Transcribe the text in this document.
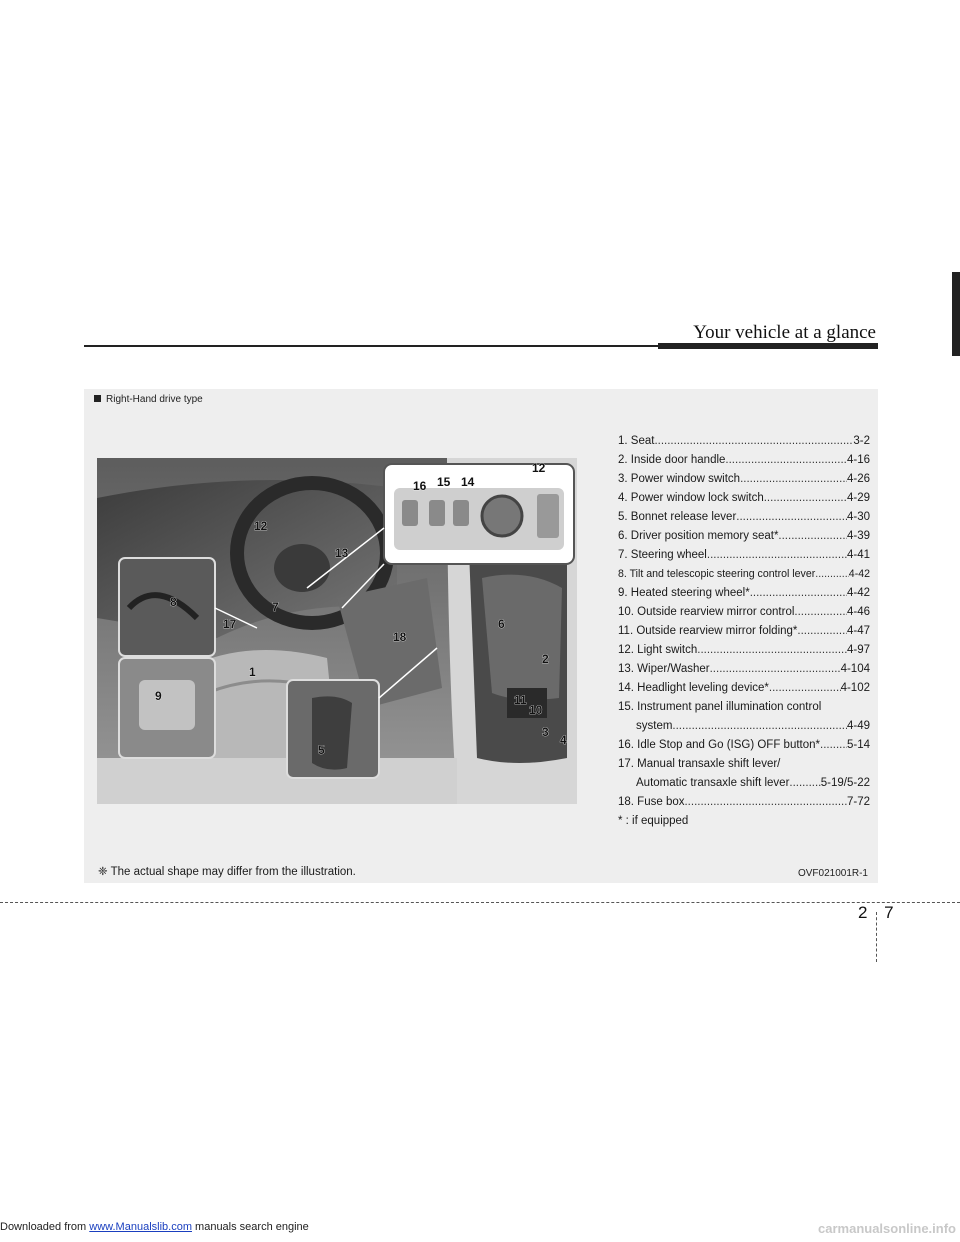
Your vehicle at a glance
Right-Hand drive type
1
2
3
4
5
6
7
8
9
10
11
12
13
17
18
16 15 14
12
1. Seat .....	3-2
2. Inside door handle .....	4-16
3. Power window switch .....	4-26
4. Power window lock switch .....	4-29
5. Bonnet release lever .....	4-30
6. Driver position memory seat* .....	4-39
7. Steering wheel .....	4-41
8. Tilt and telescopic steering control lever .....	4-42
9. Heated steering wheel* .....	4-42
10. Outside rearview mirror control .....	4-46
11. Outside rearview mirror folding* .....	4-47
12. Light switch .....	4-97
13. Wiper/Washer .....	4-104
14. Headlight leveling device* .....	4-102
15. Instrument panel illumination control
system .....	4-49
16. Idle Stop and Go (ISG) OFF button* ..... 5-14
17. Manual transaxle shift lever/
Automatic transaxle shift lever .....	5-19/5-22
18. Fuse box .....	7-72
* : if equipped
❈ The actual shape may differ from the illustration.	OVF021001R-1
2 7
Downloaded from www.Manualslib.com manuals search engine	carmanualsonline.info
